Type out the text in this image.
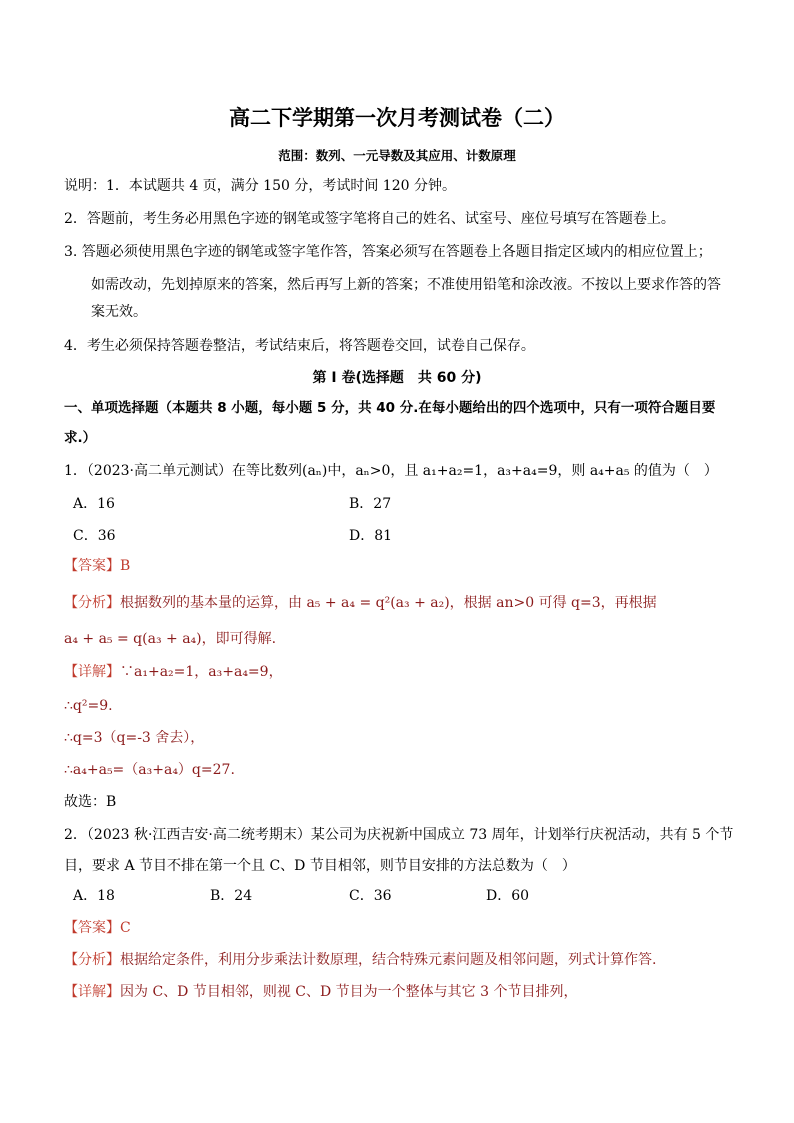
高二下学期第一次月考测试卷（二）
范围：数列、一元导数及其应用、计数原理
说明：1．本试题共 4 页，满分 150 分，考试时间 120 分钟。
2．答题前，考生务必用黑色字迹的钢笔或签字笔将自己的姓名、试室号、座位号填写在答题卷上。
3. 答题必须使用黑色字迹的钢笔或签字笔作答，答案必须写在答题卷上各题目指定区域内的相应位置上；
如需改动，先划掉原来的答案，然后再写上新的答案；不准使用铅笔和涂改液。不按以上要求作答的答
案无效。
4．考生必须保持答题卷整洁，考试结束后，将答题卷交回，试卷自己保存。
第 I 卷(选择题　共 60 分)
一、单项选择题（本题共 8 小题，每小题 5 分，共 40 分.在每小题给出的四个选项中，只有一项符合题目要
求.）
1．（2023·高二单元测试）在等比数列(aₙ)中，aₙ>0，且 a₁+a₂=1，a₃+a₄=9，则 a₄+a₅ 的值为（　）
A．16	B．27
C．36	D．81
【答案】B
【分析】根据数列的基本量的运算，由 a₅ + a₄ = q²(a₃ + a₂)，根据 an>0 可得 q=3，再根据
a₄ + a₅ = q(a₃ + a₄)，即可得解.
【详解】∵a₁+a₂=1，a₃+a₄=9，
∴q²=9.
∴q=3（q=-3 舍去），
∴a₄+a₅=（a₃+a₄）q=27.
故选：B
2．（2023 秋·江西吉安·高二统考期末）某公司为庆祝新中国成立 73 周年，计划举行庆祝活动，共有 5 个节
目，要求 A 节目不排在第一个且 C、D 节目相邻，则节目安排的方法总数为（　）
A．18	B．24	C．36	D．60
【答案】C
【分析】根据给定条件，利用分步乘法计数原理，结合特殊元素问题及相邻问题，列式计算作答.
【详解】因为 C、D 节目相邻，则视 C、D 节目为一个整体与其它 3 个节目排列，
